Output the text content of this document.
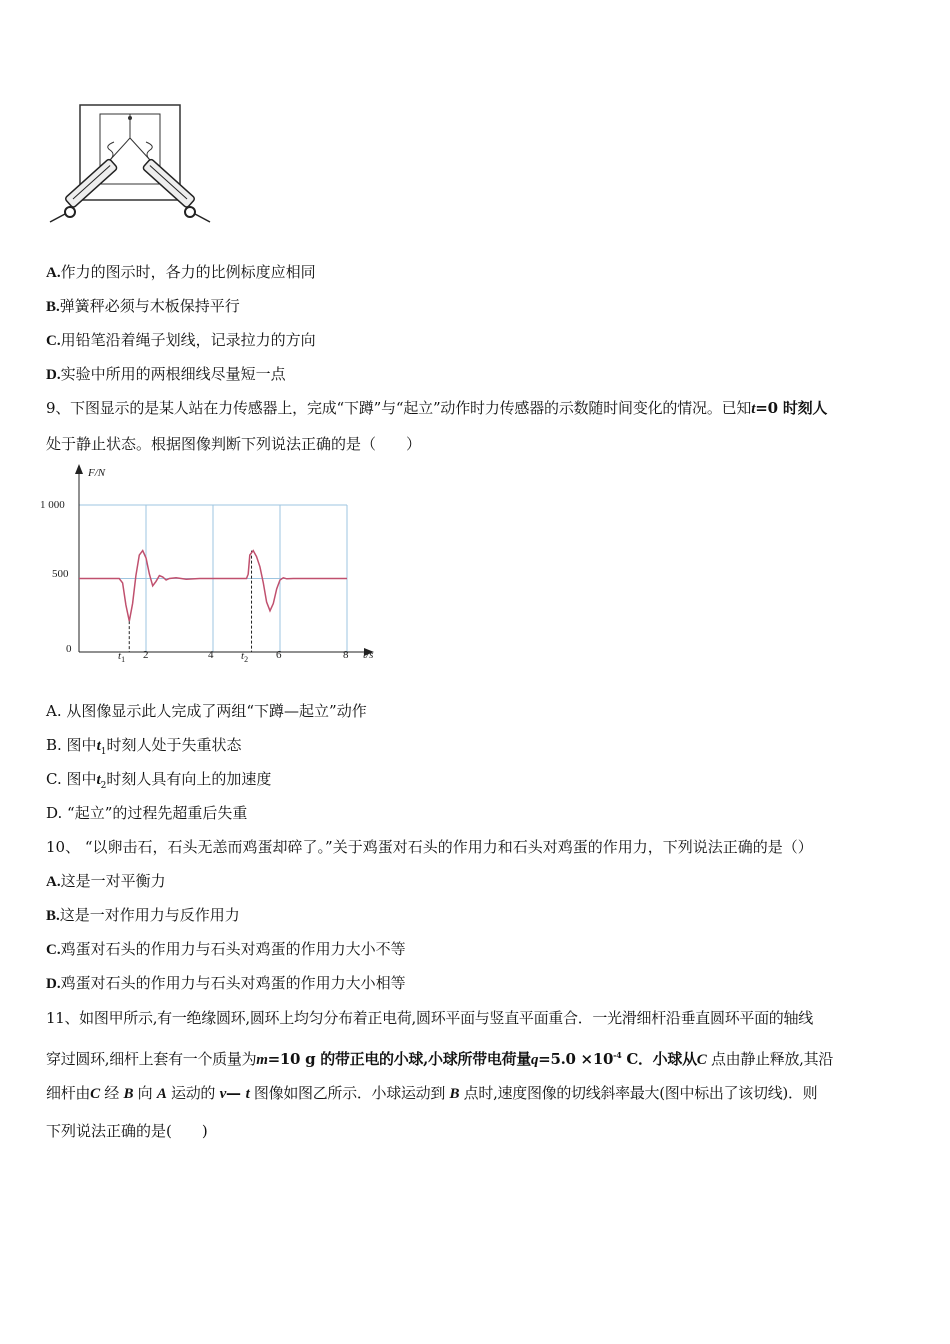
A.作力的图示时，各力的比例标度应相同
B.弹簧秤必须与木板保持平行
C.用铅笔沿着绳子划线，记录拉力的方向
D.实验中所用的两根细线尽量短一点
9、下图显示的是某人站在力传感器上，完成“下蹲”与“起立”动作时力传感器的示数随时间变化的情况。已知t=0 时刻人
处于静止状态。根据图像判断下列说法正确的是（　　）
F/N
t/s
1 000
500
0	2	4	6	8
$t_1$	$t_2$
A. 从图像显示此人完成了两组“下蹲—起立”动作
B. 图中$t_1$时刻人处于失重状态
C. 图中$t_2$时刻人具有向上的加速度
D. “起立”的过程先超重后失重
10、 “以卵击石，石头无恙而鸡蛋却碎了。”关于鸡蛋对石头的作用力和石头对鸡蛋的作用力，下列说法正确的是（）
A.这是一对平衡力
B.这是一对作用力与反作用力
C.鸡蛋对石头的作用力与石头对鸡蛋的作用力大小不等
D.鸡蛋对石头的作用力与石头对鸡蛋的作用力大小相等
11、如图甲所示,有一绝缘圆环,圆环上均匀分布着正电荷,圆环平面与竖直平面重合．一光滑细杆沿垂直圆环平面的轴线
穿过圆环,细杆上套有一个质量为m=10 g 的带正电的小球,小球所带电荷量$q=5.0 \times 10^{-4}$ C．小球从C 点由静止释放,其沿
细杆由C 经 B 向 A 运动的 v— t 图像如图乙所示．小球运动到 B 点时,速度图像的切线斜率最大(图中标出了该切线)．则
下列说法正确的是(　　)
